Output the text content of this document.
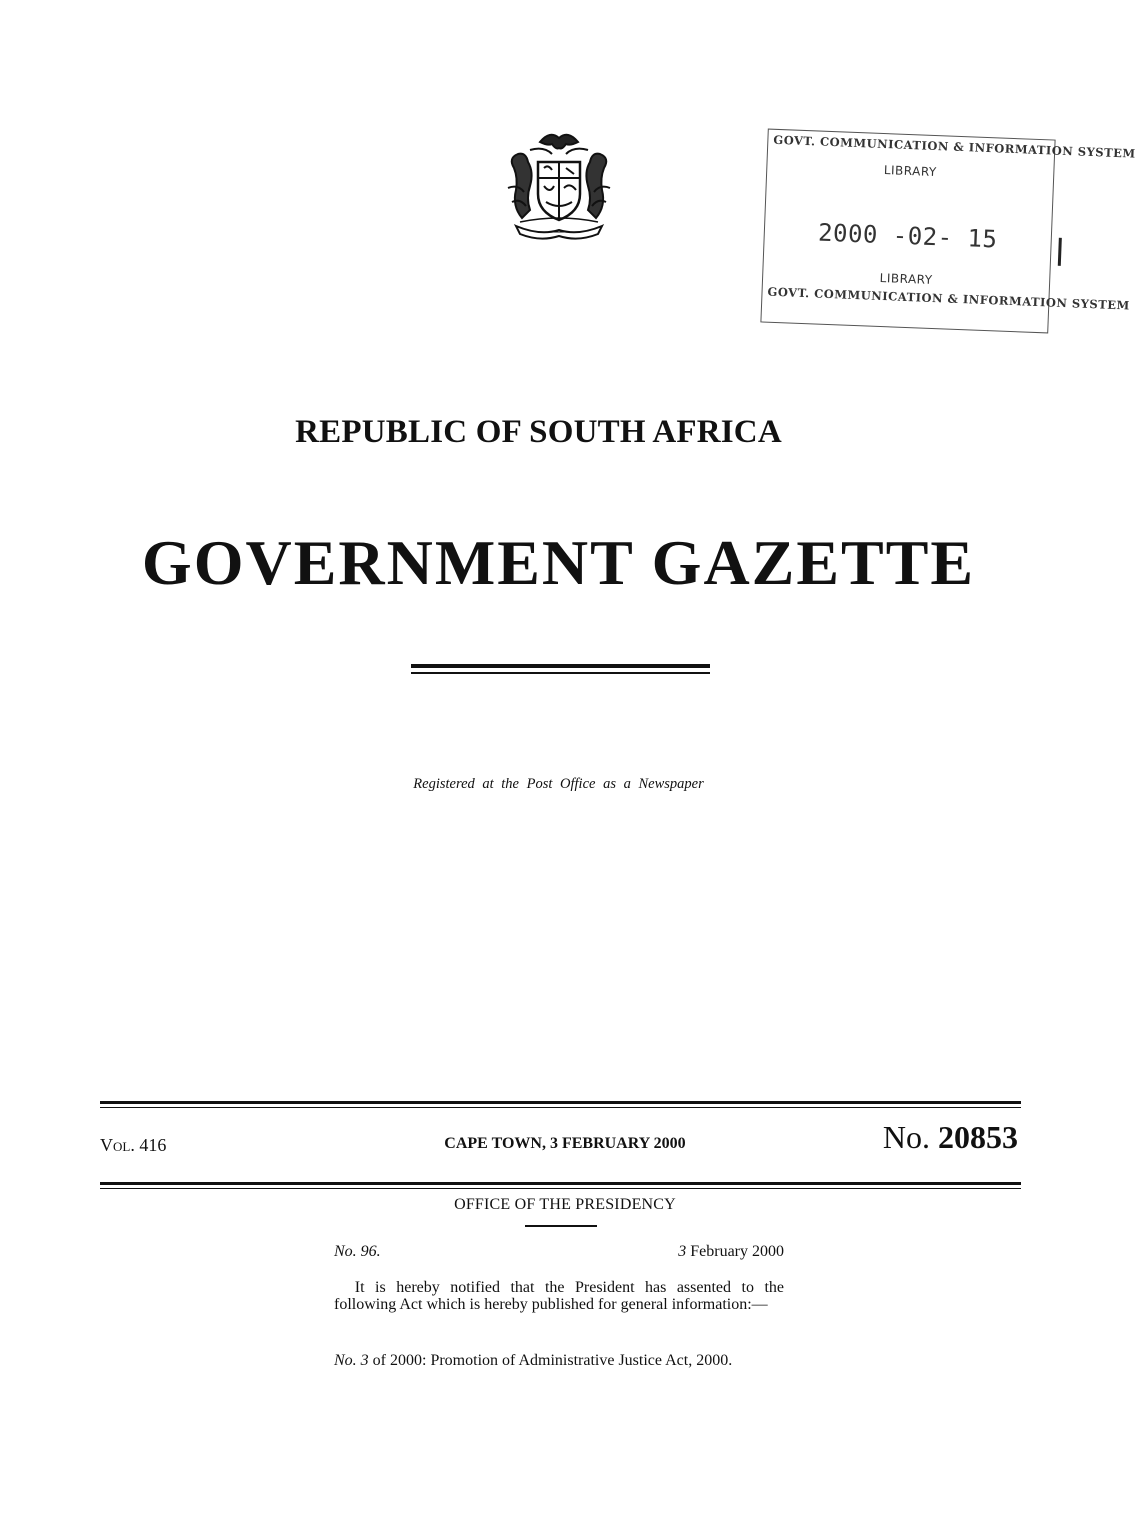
GOVT. COMMUNICATION & INFORMATION SYSTEM
LIBRARY
2000 -02- 15
LIBRARY
GOVT. COMMUNICATION & INFORMATION SYSTEM
REPUBLIC OF SOUTH AFRICA
GOVERNMENT GAZETTE
Registered at the Post Office as a Newspaper
Vol. 416	CAPE TOWN, 3 FEBRUARY 2000	No. 20853
OFFICE OF THE PRESIDENCY
No. 96.	3 February 2000
It is hereby notified that the President has assented to the following Act which is hereby published for general information:—
No. 3 of 2000: Promotion of Administrative Justice Act, 2000.
